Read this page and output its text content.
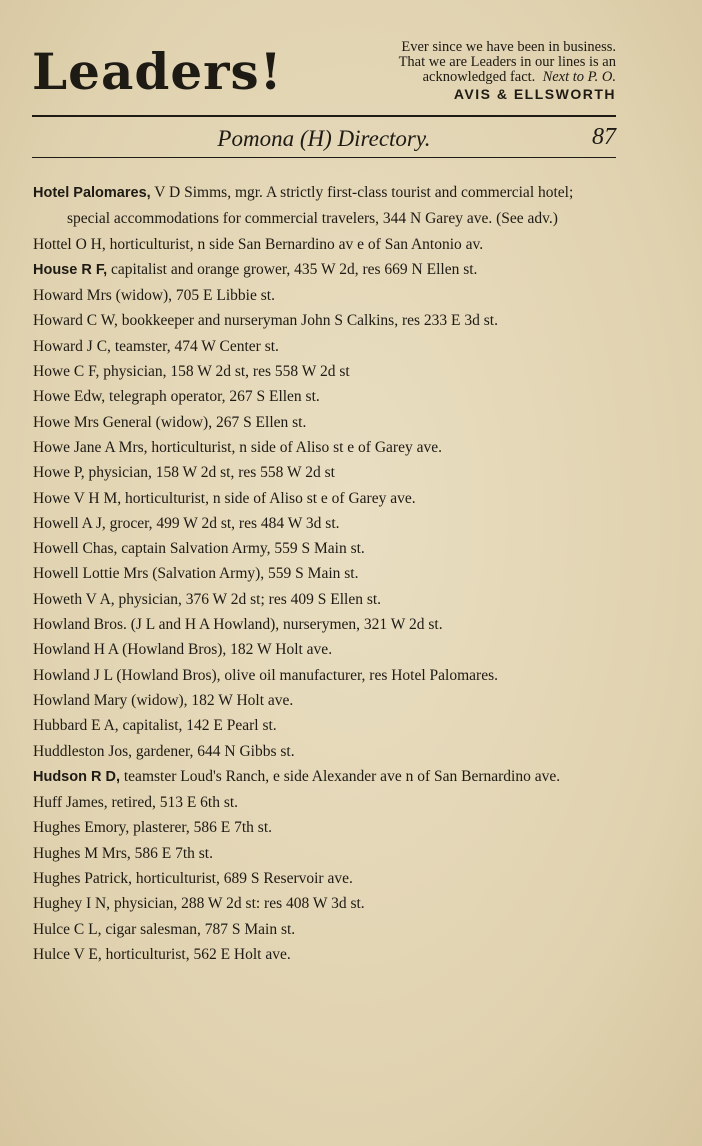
Leaders!	Ever since we have been in business.
That we are Leaders in our lines is an
acknowledged fact. Next to P. O.
AVIS & ELLSWORTH
Pomona (H) Directory.	87
Hotel Palomares, V D Simms, mgr. A strictly first-class tourist and commercial hotel; special accommodations for commercial travelers, 344 N Garey ave. (See adv.)
Hottel O H, horticulturist, n side San Bernardino av e of San Antonio av.
House R F, capitalist and orange grower, 435 W 2d, res 669 N Ellen st.
Howard Mrs (widow), 705 E Libbie st.
Howard C W, bookkeeper and nurseryman John S Calkins, res 233 E 3d st.
Howard J C, teamster, 474 W Center st.
Howe C F, physician, 158 W 2d st, res 558 W 2d st
Howe Edw, telegraph operator, 267 S Ellen st.
Howe Mrs General (widow), 267 S Ellen st.
Howe Jane A Mrs, horticulturist, n side of Aliso st e of Garey ave.
Howe P, physician, 158 W 2d st, res 558 W 2d st
Howe V H M, horticulturist, n side of Aliso st e of Garey ave.
Howell A J, grocer, 499 W 2d st, res 484 W 3d st.
Howell Chas, captain Salvation Army, 559 S Main st.
Howell Lottie Mrs (Salvation Army), 559 S Main st.
Howeth V A, physician, 376 W 2d st; res 409 S Ellen st.
Howland Bros. (J L and H A Howland), nurserymen, 321 W 2d st.
Howland H A (Howland Bros), 182 W Holt ave.
Howland J L (Howland Bros), olive oil manufacturer, res Hotel Palomares.
Howland Mary (widow), 182 W Holt ave.
Hubbard E A, capitalist, 142 E Pearl st.
Huddleston Jos, gardener, 644 N Gibbs st.
Hudson R D, teamster Loud's Ranch, e side Alexander ave n of San Bernardino ave.
Huff James, retired, 513 E 6th st.
Hughes Emory, plasterer, 586 E 7th st.
Hughes M Mrs, 586 E 7th st.
Hughes Patrick, horticulturist, 689 S Reservoir ave.
Hughey I N, physician, 288 W 2d st: res 408 W 3d st.
Hulce C L, cigar salesman, 787 S Main st.
Hulce V E, horticulturist, 562 E Holt ave.
